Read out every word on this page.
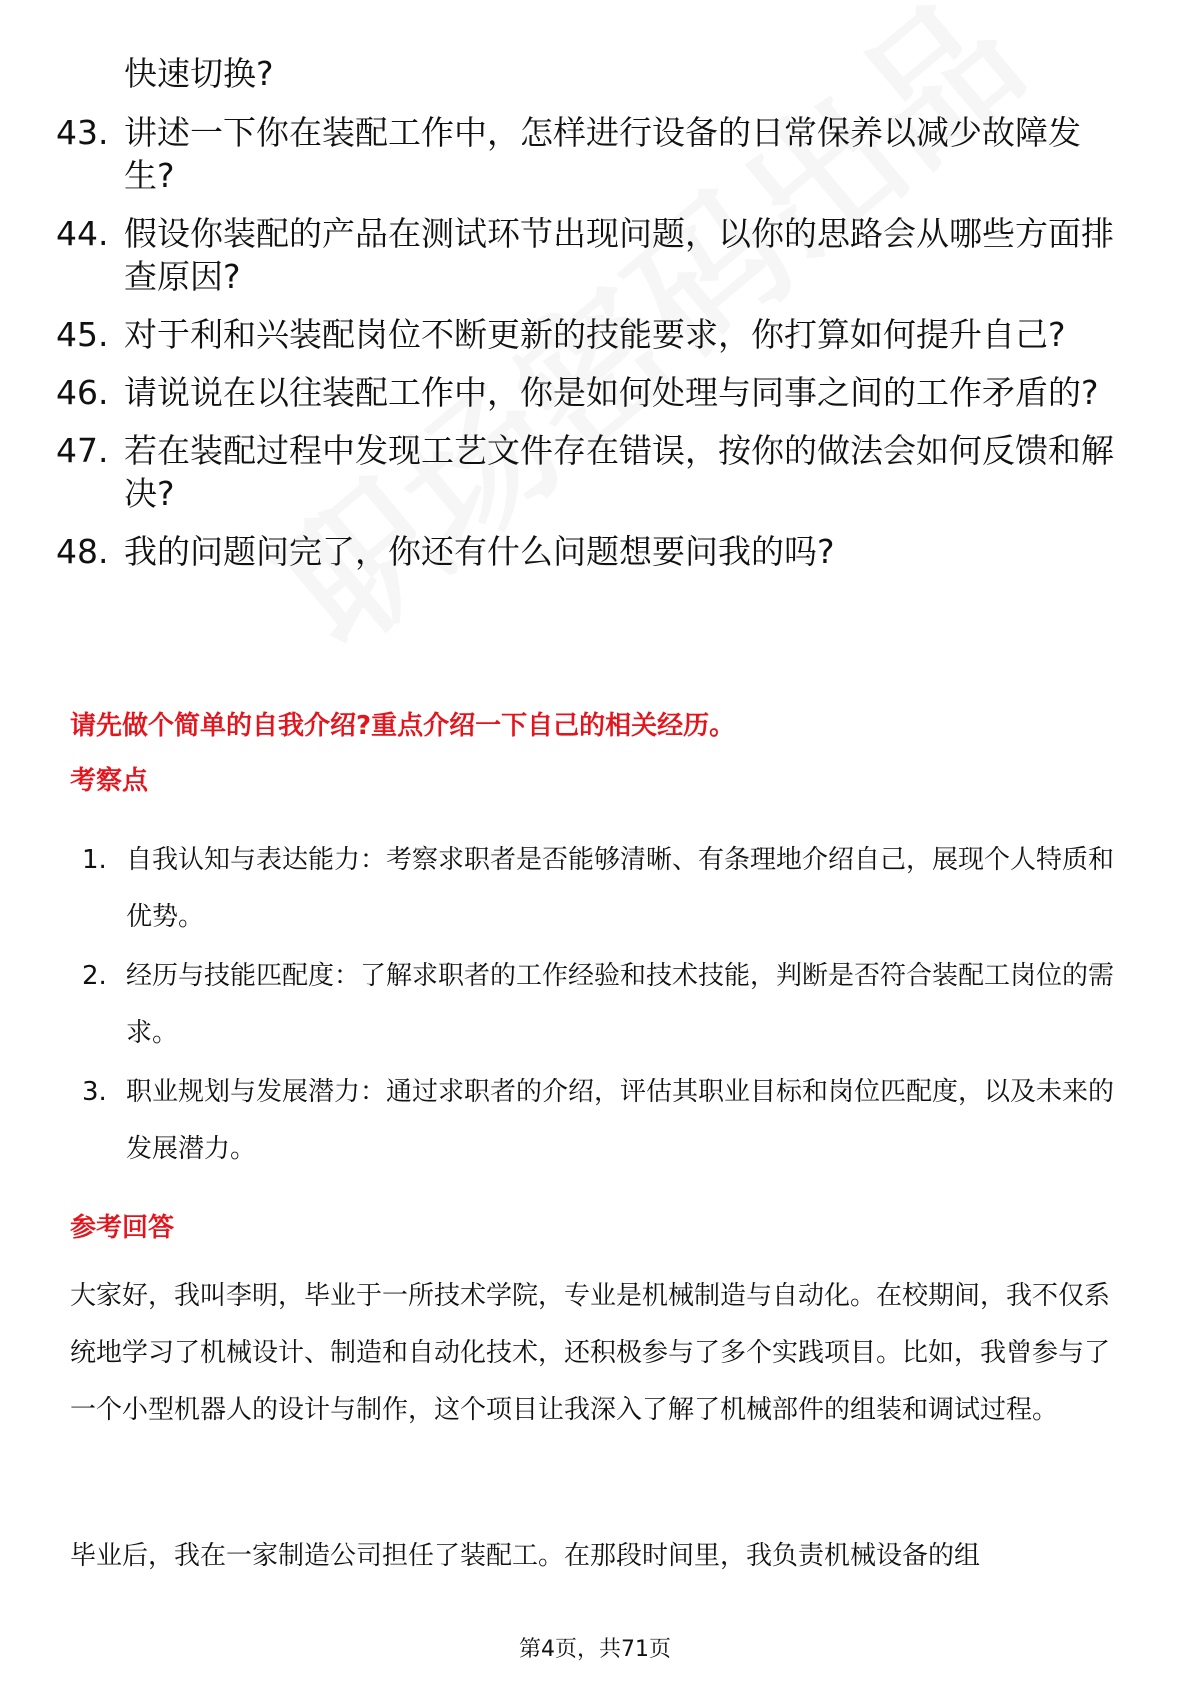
快速切换?
43. 讲述一下你在装配工作中，怎样进行设备的日常保养以减少故障发生?
44. 假设你装配的产品在测试环节出现问题，以你的思路会从哪些方面排查原因?
45. 对于利和兴装配岗位不断更新的技能要求，你打算如何提升自己?
46. 请说说在以往装配工作中，你是如何处理与同事之间的工作矛盾的?
47. 若在装配过程中发现工艺文件存在错误，按你的做法会如何反馈和解决?
48. 我的问题问完了，你还有什么问题想要问我的吗?
请先做个简单的自我介绍?重点介绍一下自己的相关经历。
考察点
1. 自我认知与表达能力：考察求职者是否能够清晰、有条理地介绍自己，展现个人特质和优势。
2. 经历与技能匹配度：了解求职者的工作经验和技术技能，判断是否符合装配工岗位的需求。
3. 职业规划与发展潜力：通过求职者的介绍，评估其职业目标和岗位匹配度，以及未来的发展潜力。
参考回答
大家好，我叫李明，毕业于一所技术学院，专业是机械制造与自动化。在校期间，我不仅系统地学习了机械设计、制造和自动化技术，还积极参与了多个实践项目。比如，我曾参与了一个小型机器人的设计与制作，这个项目让我深入了解了机械部件的组装和调试过程。
毕业后，我在一家制造公司担任了装配工。在那段时间里，我负责机械设备的组
第4页，共71页
